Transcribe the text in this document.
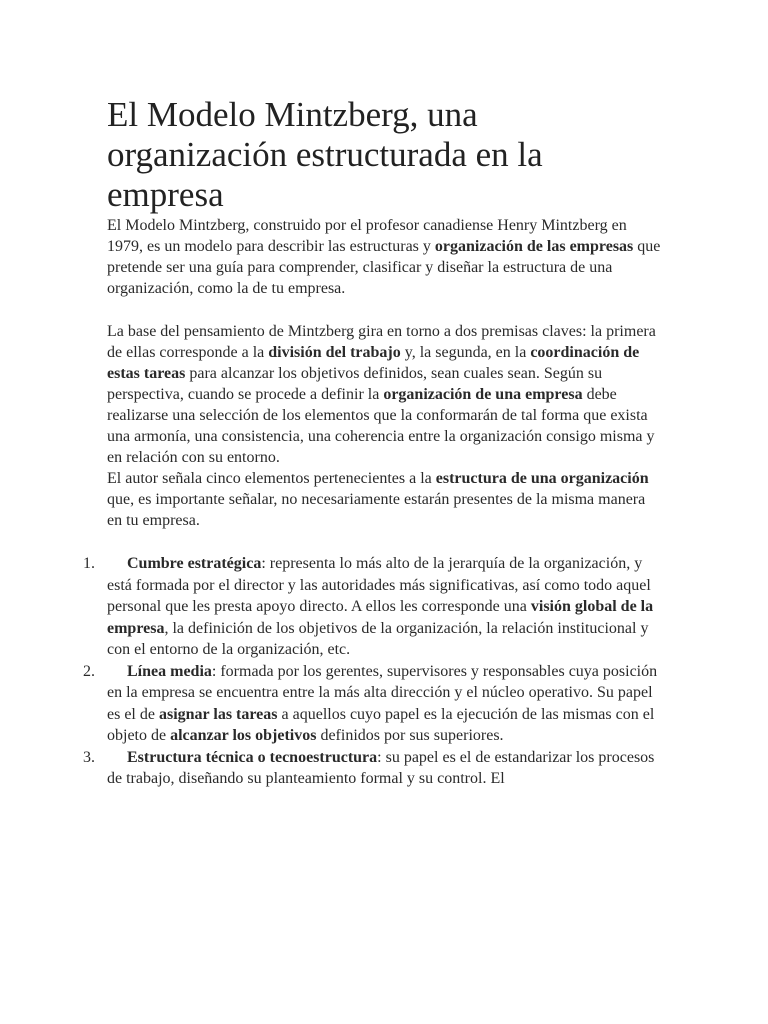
El Modelo Mintzberg, una organización estructurada en la empresa

El Modelo Mintzberg, construido por el profesor canadiense Henry Mintzberg en 1979, es un modelo para describir las estructuras y organización de las empresas que pretende ser una guía para comprender, clasificar y diseñar la estructura de una organización, como la de tu empresa.

La base del pensamiento de Mintzberg gira en torno a dos premisas claves: la primera de ellas corresponde a la división del trabajo y, la segunda, en la coordinación de estas tareas para alcanzar los objetivos definidos, sean cuales sean. Según su perspectiva, cuando se procede a definir la organización de una empresa debe realizarse una selección de los elementos que la conformarán de tal forma que exista una armonía, una consistencia, una coherencia entre la organización consigo misma y en relación con su entorno.

El autor señala cinco elementos pertenecientes a la estructura de una organización que, es importante señalar, no necesariamente estarán presentes de la misma manera en tu empresa.

1. Cumbre estratégica: representa lo más alto de la jerarquía de la organización, y está formada por el director y las autoridades más significativas, así como todo aquel personal que les presta apoyo directo. A ellos les corresponde una visión global de la empresa, la definición de los objetivos de la organización, la relación institucional y con el entorno de la organización, etc.
2. Línea media: formada por los gerentes, supervisores y responsables cuya posición en la empresa se encuentra entre la más alta dirección y el núcleo operativo. Su papel es el de asignar las tareas a aquellos cuyo papel es la ejecución de las mismas con el objeto de alcanzar los objetivos definidos por sus superiores.
3. Estructura técnica o tecnoestructura: su papel es el de estandarizar los procesos de trabajo, diseñando su planteamiento formal y su control. El
